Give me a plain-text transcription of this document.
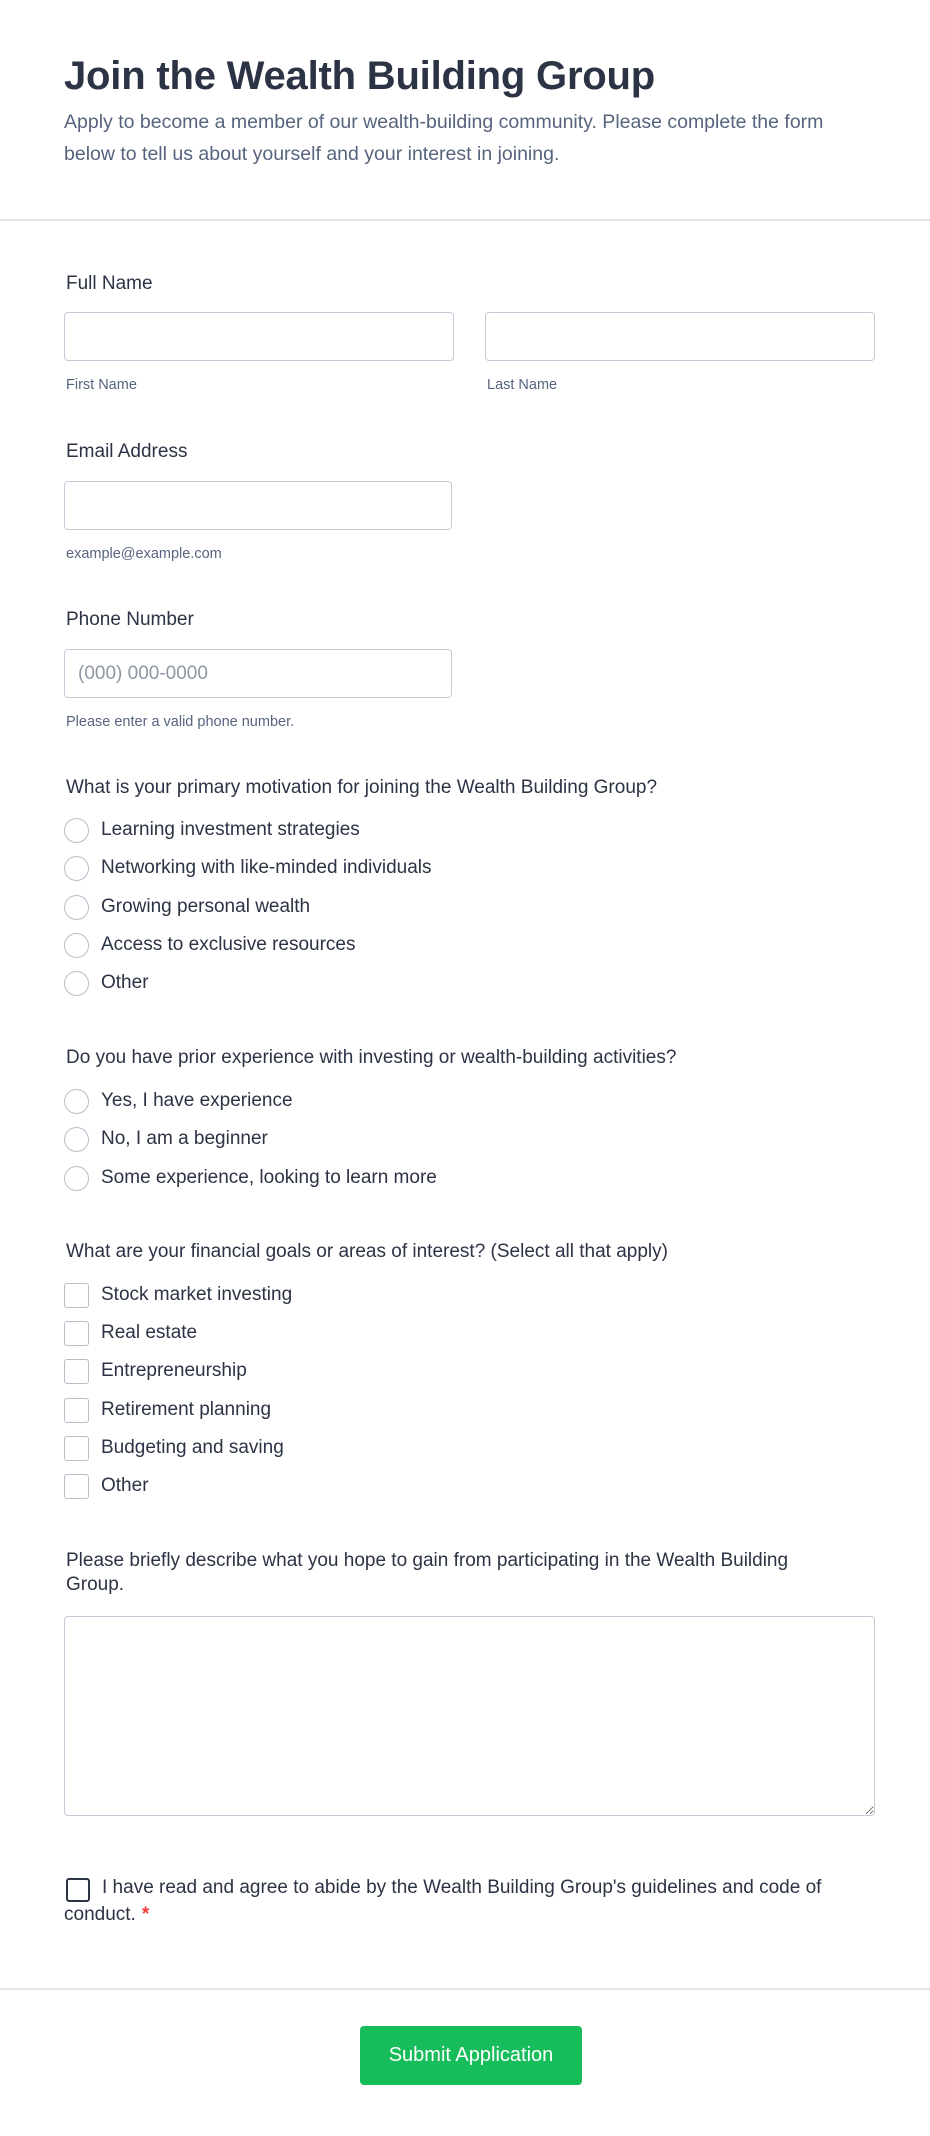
Join the Wealth Building Group

Apply to become a member of our wealth-building community. Please complete the form below to tell us about yourself and your interest in joining.

Full Name
First Name	Last Name
Email Address
example@example.com
Phone Number
(000) 000-0000
Please enter a valid phone number.
What is your primary motivation for joining the Wealth Building Group?
Learning investment strategies
Networking with like-minded individuals
Growing personal wealth
Access to exclusive resources
Other
Do you have prior experience with investing or wealth-building activities?
Yes, I have experience
No, I am a beginner
Some experience, looking to learn more
What are your financial goals or areas of interest? (Select all that apply)
Stock market investing
Real estate
Entrepreneurship
Retirement planning
Budgeting and saving
Other
Please briefly describe what you hope to gain from participating in the Wealth Building Group.
I have read and agree to abide by the Wealth Building Group's guidelines and code of conduct. *
Submit Application
